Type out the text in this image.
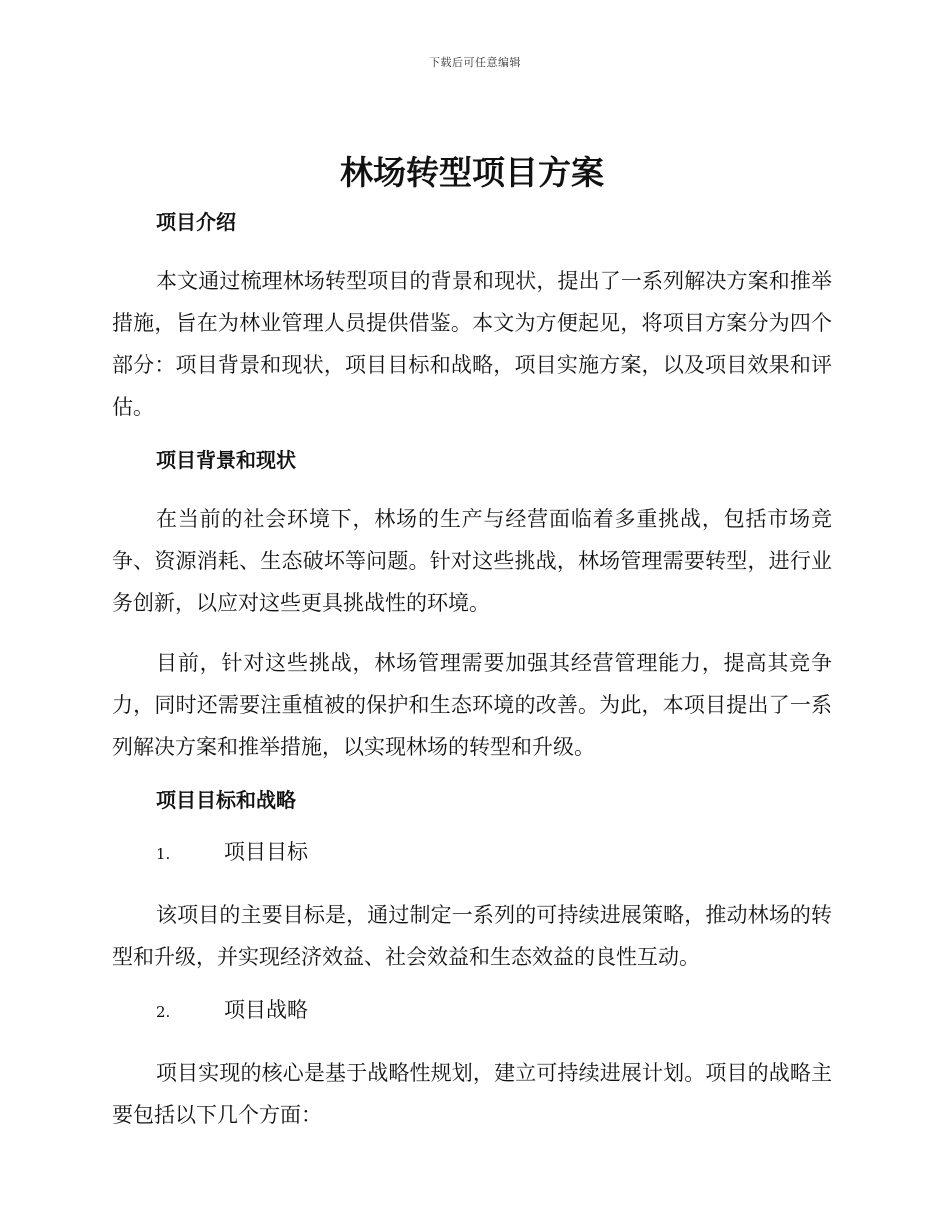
下载后可任意编辑
林场转型项目方案
项目介绍

本文通过梳理林场转型项目的背景和现状，提出了一系列解决方案和推举措施，旨在为林业管理人员提供借鉴。本文为方便起见，将项目方案分为四个部分：项目背景和现状，项目目标和战略，项目实施方案，以及项目效果和评估。

项目背景和现状

在当前的社会环境下，林场的生产与经营面临着多重挑战，包括市场竞争、资源消耗、生态破坏等问题。针对这些挑战，林场管理需要转型，进行业务创新，以应对这些更具挑战性的环境。

目前，针对这些挑战，林场管理需要加强其经营管理能力，提高其竞争力，同时还需要注重植被的保护和生态环境的改善。为此，本项目提出了一系列解决方案和推举措施，以实现林场的转型和升级。

项目目标和战略
1.	项目目标

该项目的主要目标是，通过制定一系列的可持续进展策略，推动林场的转型和升级，并实现经济效益、社会效益和生态效益的良性互动。

2.	项目战略

项目实现的核心是基于战略性规划，建立可持续进展计划。项目的战略主要包括以下几个方面：
